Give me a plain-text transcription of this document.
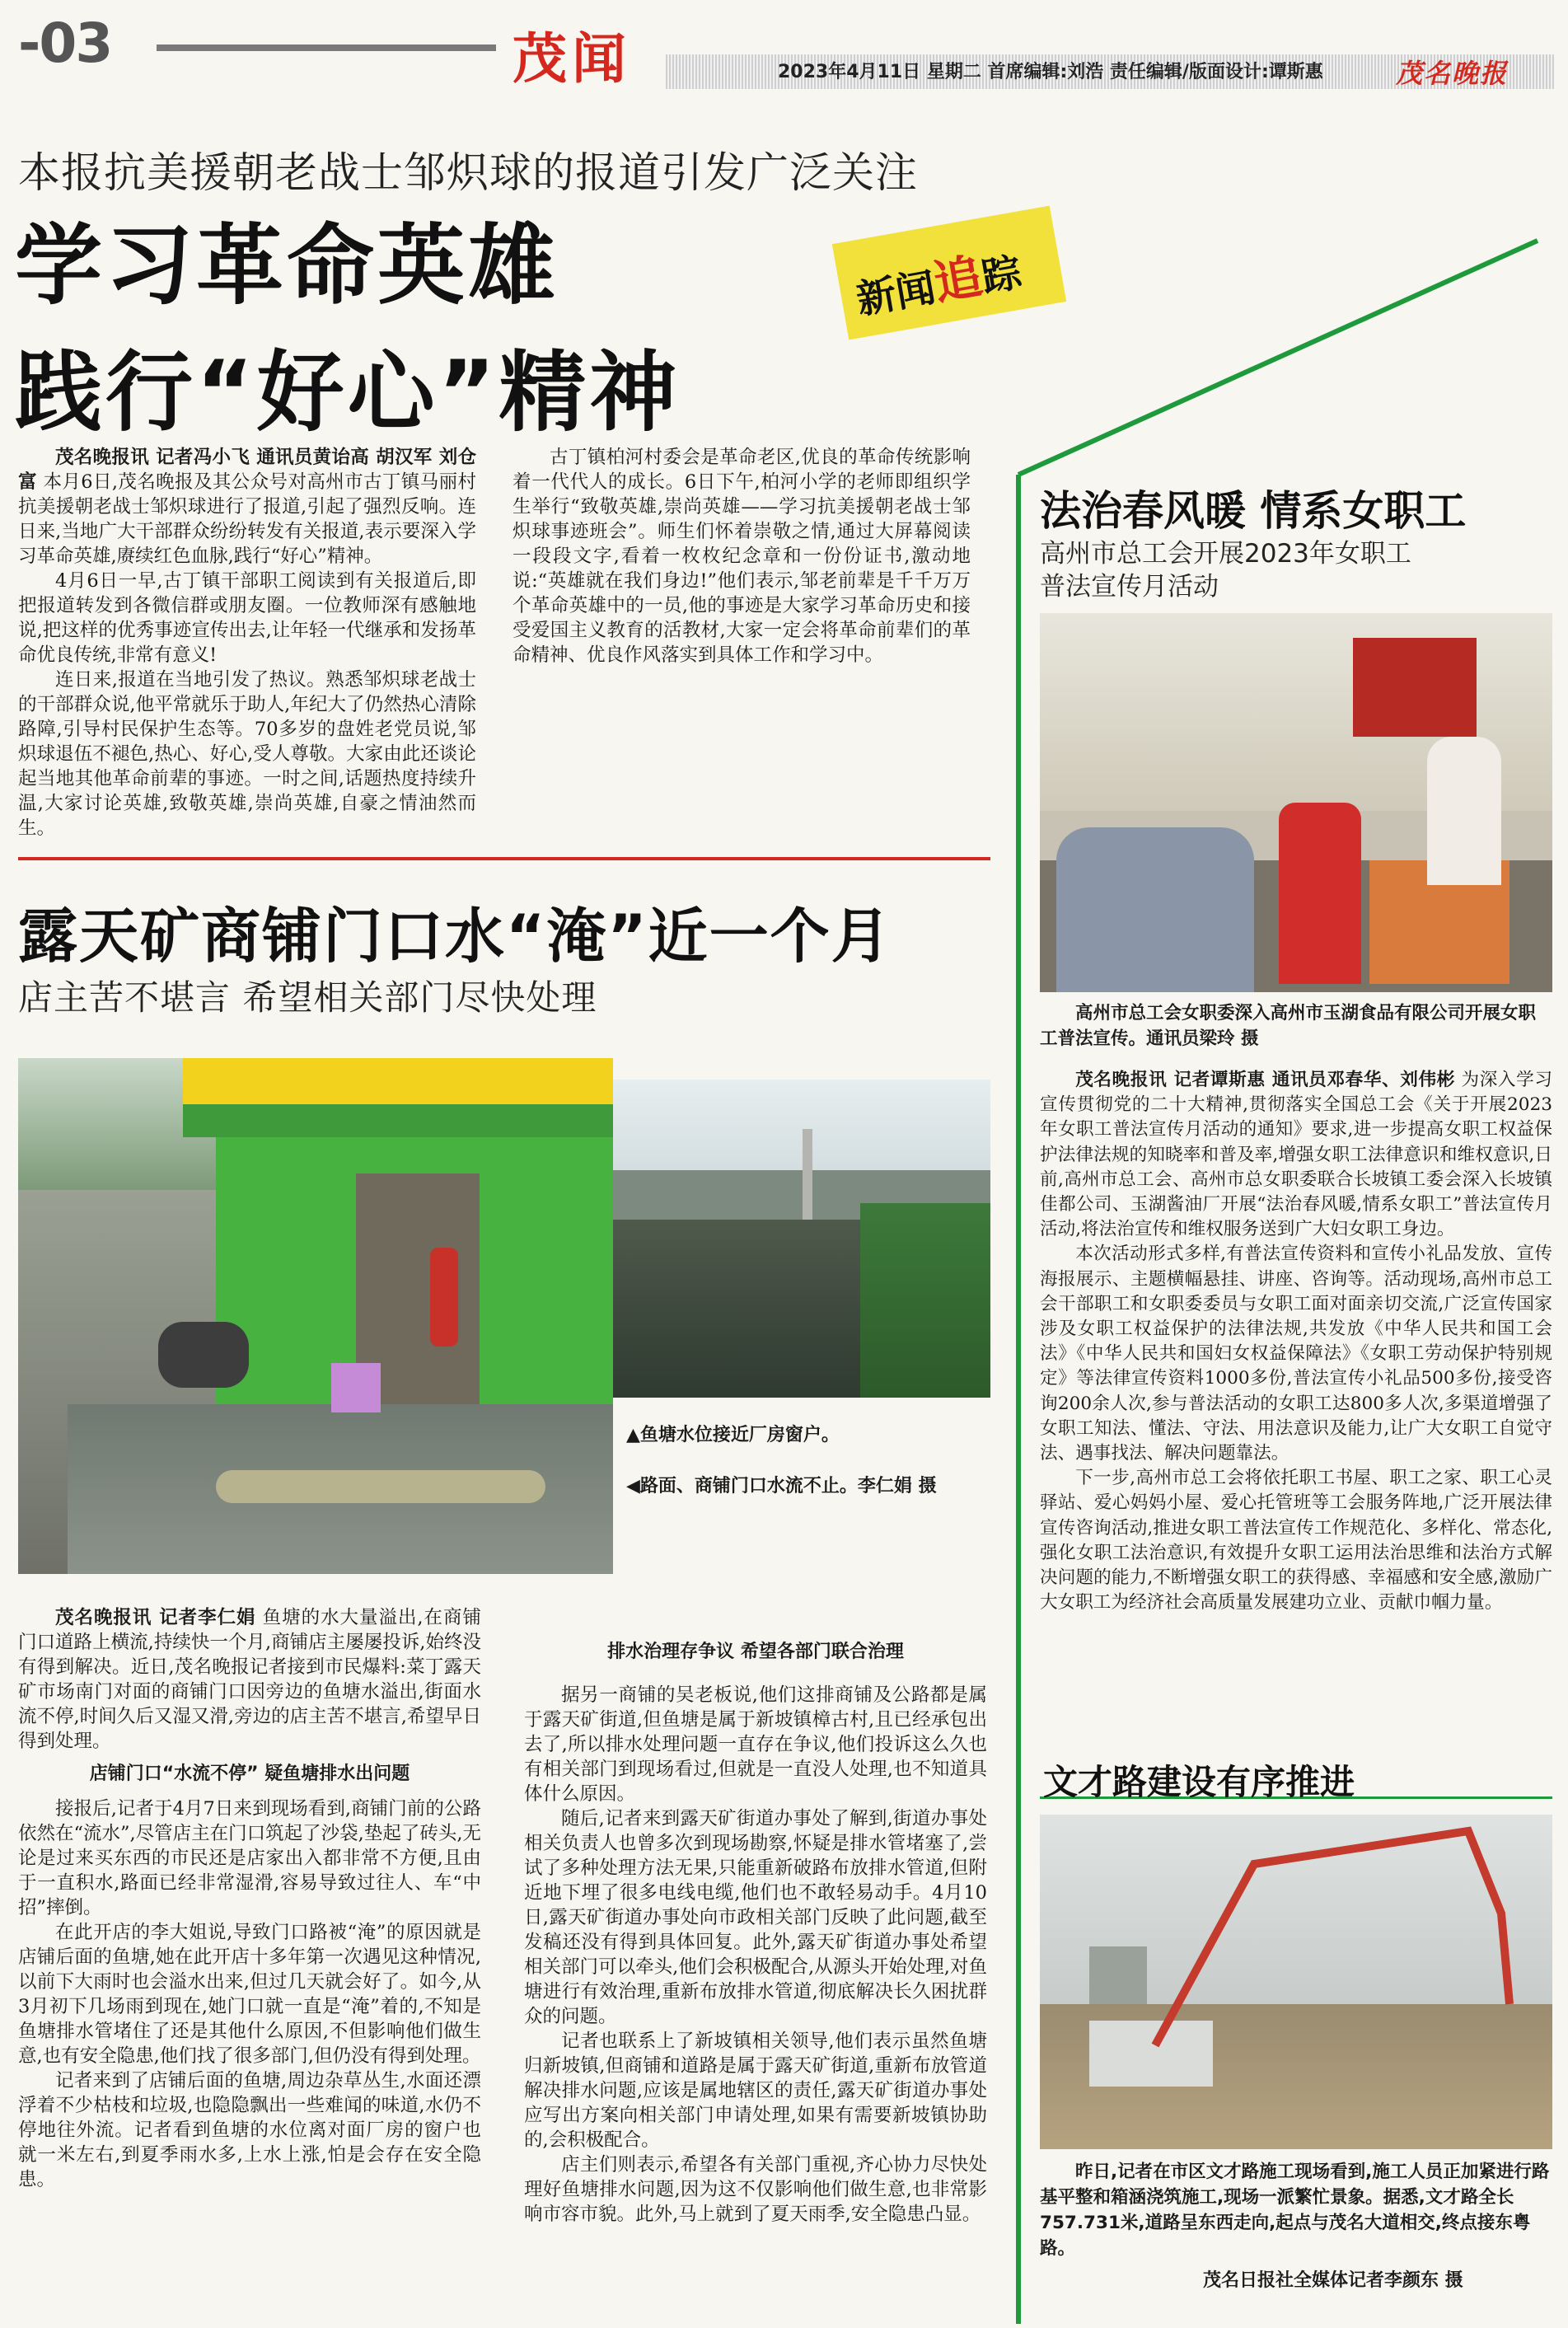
-03	茂闻	2023年4月11日 星期二 首席编辑:刘浩 责任编辑/版面设计:谭斯惠	茂名晚报
本报抗美援朝老战士邹炽球的报道引发广泛关注
学习革命英雄
践行“好心”精神
新闻追踪

茂名晚报讯 记者冯小飞 通讯员黄诒高 胡汉军 刘仓富 本月6日,茂名晚报及其公众号对高州市古丁镇马丽村抗美援朝老战士邹炽球进行了报道,引起了强烈反响。连日来,当地广大干部群众纷纷转发有关报道,表示要深入学习革命英雄,赓续红色血脉,践行“好心”精神。

4月6日一早,古丁镇干部职工阅读到有关报道后,即把报道转发到各微信群或朋友圈。一位教师深有感触地说,把这样的优秀事迹宣传出去,让年轻一代继承和发扬革命优良传统,非常有意义!

连日来,报道在当地引发了热议。熟悉邹炽球老战士的干部群众说,他平常就乐于助人,年纪大了仍然热心清除路障,引导村民保护生态等。70多岁的盘姓老党员说,邹炽球退伍不褪色,热心、好心,受人尊敬。大家由此还谈论起当地其他革命前辈的事迹。一时之间,话题热度持续升温,大家讨论英雄,致敬英雄,崇尚英雄,自豪之情油然而生。

古丁镇柏河村委会是革命老区,优良的革命传统影响着一代代人的成长。6日下午,柏河小学的老师即组织学生举行“致敬英雄,崇尚英雄——学习抗美援朝老战士邹炽球事迹班会”。师生们怀着崇敬之情,通过大屏幕阅读一段段文字,看着一枚枚纪念章和一份份证书,激动地说:“英雄就在我们身边!”他们表示,邹老前辈是千千万万个革命英雄中的一员,他的事迹是大家学习革命历史和接受爱国主义教育的活教材,大家一定会将革命前辈们的革命精神、优良作风落实到具体工作和学习中。

露天矿商铺门口水“淹”近一个月
店主苦不堪言 希望相关部门尽快处理
▲鱼塘水位接近厂房窗户。
◀路面、商铺门口水流不止。李仁娟 摄

茂名晚报讯 记者李仁娟 鱼塘的水大量溢出,在商铺门口道路上横流,持续快一个月,商铺店主屡屡投诉,始终没有得到解决。近日,茂名晚报记者接到市民爆料:菜丁露天矿市场南门对面的商铺门口因旁边的鱼塘水溢出,街面水流不停,时间久后又湿又滑,旁边的店主苦不堪言,希望早日得到处理。

店铺门口“水流不停” 疑鱼塘排水出问题

接报后,记者于4月7日来到现场看到,商铺门前的公路依然在“流水”,尽管店主在门口筑起了沙袋,垫起了砖头,无论是过来买东西的市民还是店家出入都非常不方便,且由于一直积水,路面已经非常湿滑,容易导致过往人、车“中招”摔倒。

在此开店的李大姐说,导致门口路被“淹”的原因就是店铺后面的鱼塘,她在此开店十多年第一次遇见这种情况,以前下大雨时也会溢水出来,但过几天就会好了。如今,从3月初下几场雨到现在,她门口就一直是“淹”着的,不知是鱼塘排水管堵住了还是其他什么原因,不但影响他们做生意,也有安全隐患,他们找了很多部门,但仍没有得到处理。

记者来到了店铺后面的鱼塘,周边杂草丛生,水面还漂浮着不少枯枝和垃圾,也隐隐飘出一些难闻的味道,水仍不停地往外流。记者看到鱼塘的水位离对面厂房的窗户也就一米左右,到夏季雨水多,上水上涨,怕是会存在安全隐患。

排水治理存争议 希望各部门联合治理

据另一商铺的吴老板说,他们这排商铺及公路都是属于露天矿街道,但鱼塘是属于新坡镇樟古村,且已经承包出去了,所以排水处理问题一直存在争议,他们投诉这么久也有相关部门到现场看过,但就是一直没人处理,也不知道具体什么原因。

随后,记者来到露天矿街道办事处了解到,街道办事处相关负责人也曾多次到现场勘察,怀疑是排水管堵塞了,尝试了多种处理方法无果,只能重新破路布放排水管道,但附近地下埋了很多电线电缆,他们也不敢轻易动手。4月10日,露天矿街道办事处向市政相关部门反映了此问题,截至发稿还没有得到具体回复。此外,露天矿街道办事处希望相关部门可以牵头,他们会积极配合,从源头开始处理,对鱼塘进行有效治理,重新布放排水管道,彻底解决长久困扰群众的问题。

记者也联系上了新坡镇相关领导,他们表示虽然鱼塘归新坡镇,但商铺和道路是属于露天矿街道,重新布放管道解决排水问题,应该是属地辖区的责任,露天矿街道办事处应写出方案向相关部门申请处理,如果有需要新坡镇协助的,会积极配合。

店主们则表示,希望各有关部门重视,齐心协力尽快处理好鱼塘排水问题,因为这不仅影响他们做生意,也非常影响市容市貌。此外,马上就到了夏天雨季,安全隐患凸显。

法治春风暖 情系女职工
高州市总工会开展2023年女职工
普法宣传月活动
高州市总工会女职委深入高州市玉湖食品有限公司开展女职工普法宣传。通讯员梁玲 摄

茂名晚报讯 记者谭斯惠 通讯员邓春华、刘伟彬 为深入学习宣传贯彻党的二十大精神,贯彻落实全国总工会《关于开展2023年女职工普法宣传月活动的通知》要求,进一步提高女职工权益保护法律法规的知晓率和普及率,增强女职工法律意识和维权意识,日前,高州市总工会、高州市总女职委联合长坡镇工委会深入长坡镇佳都公司、玉湖酱油厂开展“法治春风暖,情系女职工”普法宣传月活动,将法治宣传和维权服务送到广大妇女职工身边。

本次活动形式多样,有普法宣传资料和宣传小礼品发放、宣传海报展示、主题横幅悬挂、讲座、咨询等。活动现场,高州市总工会干部职工和女职委委员与女职工面对面亲切交流,广泛宣传国家涉及女职工权益保护的法律法规,共发放《中华人民共和国工会法》《中华人民共和国妇女权益保障法》《女职工劳动保护特别规定》等法律宣传资料1000多份,普法宣传小礼品500多份,接受咨询200余人次,参与普法活动的女职工达800多人次,多渠道增强了女职工知法、懂法、守法、用法意识及能力,让广大女职工自觉守法、遇事找法、解决问题靠法。

下一步,高州市总工会将依托职工书屋、职工之家、职工心灵驿站、爱心妈妈小屋、爱心托管班等工会服务阵地,广泛开展法律宣传咨询活动,推进女职工普法宣传工作规范化、多样化、常态化,强化女职工法治意识,有效提升女职工运用法治思维和法治方式解决问题的能力,不断增强女职工的获得感、幸福感和安全感,激励广大女职工为经济社会高质量发展建功立业、贡献巾帼力量。

文才路建设有序推进
昨日,记者在市区文才路施工现场看到,施工人员正加紧进行路基平整和箱涵浇筑施工,现场一派繁忙景象。据悉,文才路全长757.731米,道路呈东西走向,起点与茂名大道相交,终点接东粤路。
茂名日报社全媒体记者李颜东 摄
